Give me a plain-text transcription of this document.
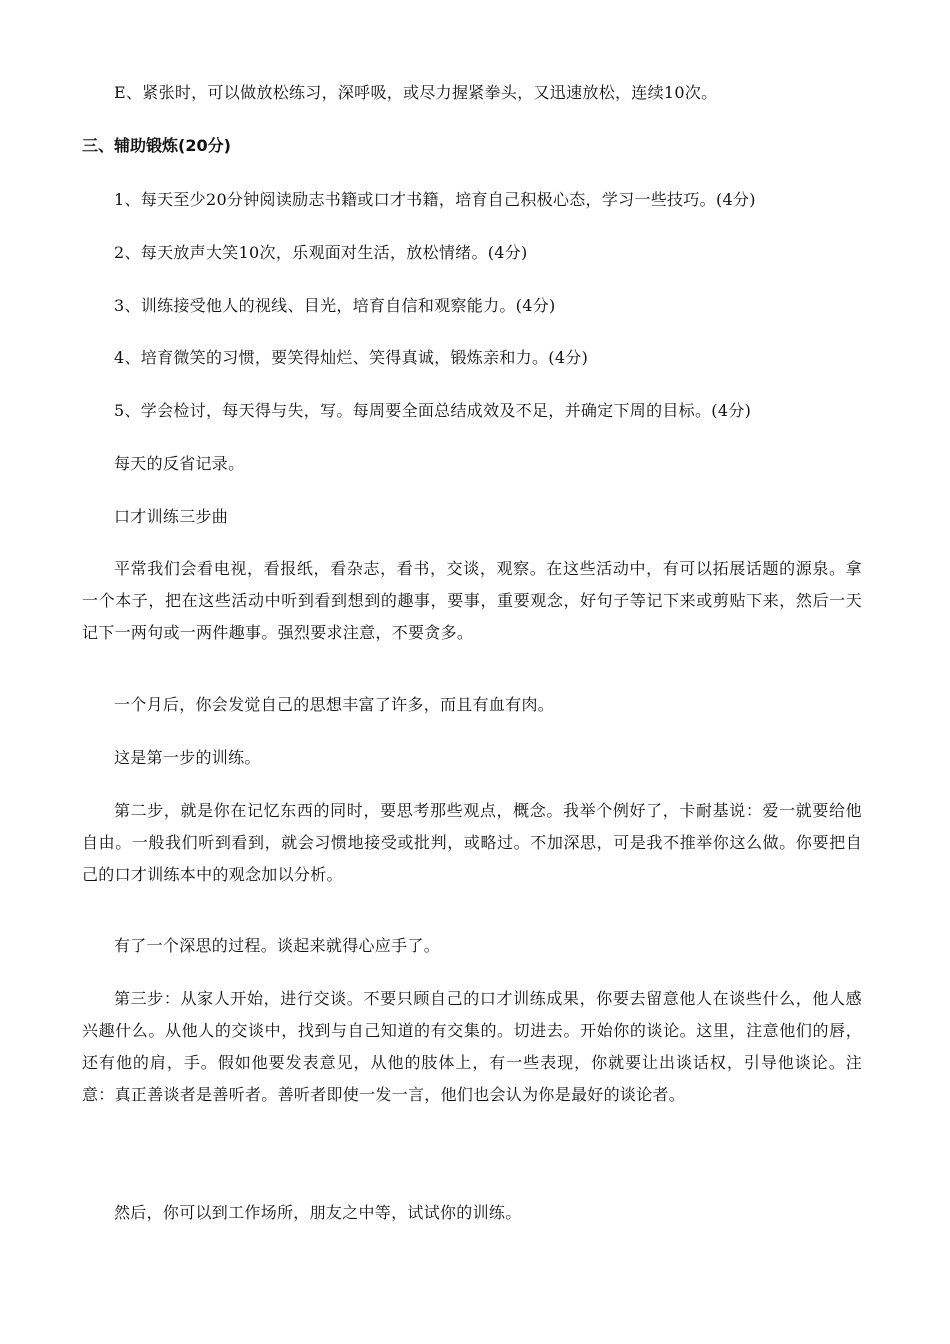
E、紧张时，可以做放松练习，深呼吸，或尽力握紧拳头，又迅速放松，连续10次。

三、辅助锻炼(20分)

1、每天至少20分钟阅读励志书籍或口才书籍，培育自己积极心态，学习一些技巧。(4分)

2、每天放声大笑10次，乐观面对生活，放松情绪。(4分)

3、训练接受他人的视线、目光，培育自信和观察能力。(4分)

4、培育微笑的习惯，要笑得灿烂、笑得真诚，锻炼亲和力。(4分)

5、学会检讨，每天得与失，写。每周要全面总结成效及不足，并确定下周的目标。(4分)

每天的反省记录。

口才训练三步曲

平常我们会看电视，看报纸，看杂志，看书，交谈，观察。在这些活动中，有可以拓展话题的源泉。拿一个本子，把在这些活动中听到看到想到的趣事，要事，重要观念，好句子等记下来或剪贴下来，然后一天记下一两句或一两件趣事。强烈要求注意，不要贪多。

一个月后，你会发觉自己的思想丰富了许多，而且有血有肉。

这是第一步的训练。

第二步，就是你在记忆东西的同时，要思考那些观点，概念。我举个例好了，卡耐基说：爱一就要给他自由。一般我们听到看到，就会习惯地接受或批判，或略过。不加深思，可是我不推举你这么做。你要把自己的口才训练本中的观念加以分析。

有了一个深思的过程。谈起来就得心应手了。

第三步：从家人开始，进行交谈。不要只顾自己的口才训练成果，你要去留意他人在谈些什么，他人感兴趣什么。从他人的交谈中，找到与自己知道的有交集的。切进去。开始你的谈论。这里，注意他们的唇，还有他的肩，手。假如他要发表意见，从他的肢体上，有一些表现，你就要让出谈话权，引导他谈论。注意：真正善谈者是善听者。善听者即使一发一言，他们也会认为你是最好的谈论者。

然后，你可以到工作场所，朋友之中等，试试你的训练。
